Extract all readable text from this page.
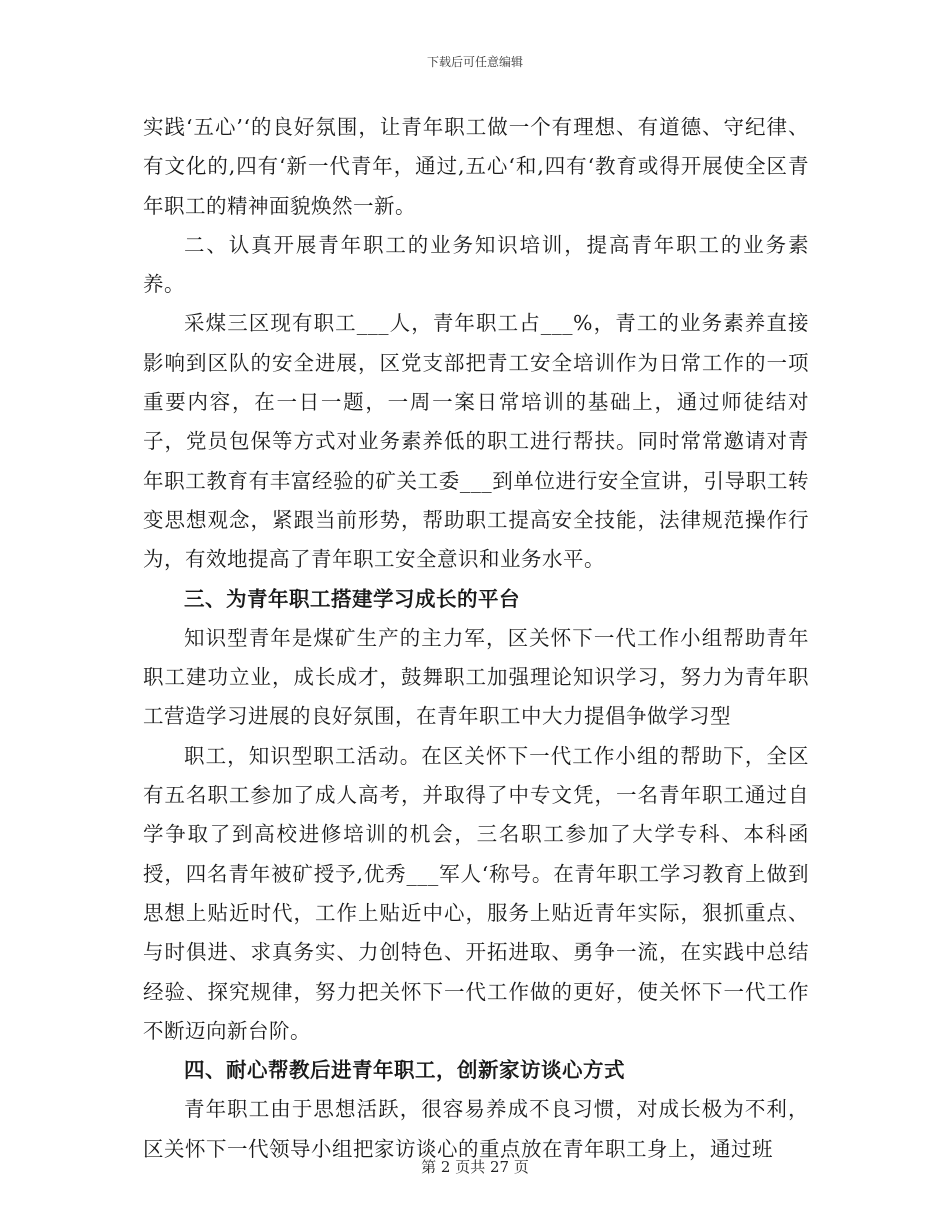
下载后可任意编辑

实践‘五心’‘的良好氛围，让青年职工做一个有理想、有道德、守纪律、有文化的,四有‘新一代青年，通过,五心‘和,四有‘教育或得开展使全区青年职工的精神面貌焕然一新。

二、认真开展青年职工的业务知识培训，提高青年职工的业务素养。

采煤三区现有职工___人，青年职工占___%，青工的业务素养直接影响到区队的安全进展，区党支部把青工安全培训作为日常工作的一项重要内容，在一日一题，一周一案日常培训的基础上，通过师徒结对子，党员包保等方式对业务素养低的职工进行帮扶。同时常常邀请对青年职工教育有丰富经验的矿关工委___到单位进行安全宣讲，引导职工转变思想观念，紧跟当前形势，帮助职工提高安全技能，法律规范操作行为，有效地提高了青年职工安全意识和业务水平。

三、为青年职工搭建学习成长的平台

知识型青年是煤矿生产的主力军，区关怀下一代工作小组帮助青年职工建功立业，成长成才，鼓舞职工加强理论知识学习，努力为青年职工营造学习进展的良好氛围，在青年职工中大力提倡争做学习型

职工，知识型职工活动。在区关怀下一代工作小组的帮助下，全区有五名职工参加了成人高考，并取得了中专文凭，一名青年职工通过自学争取了到高校进修培训的机会，三名职工参加了大学专科、本科函授，四名青年被矿授予,优秀___军人‘称号。在青年职工学习教育上做到思想上贴近时代，工作上贴近中心，服务上贴近青年实际，狠抓重点、与时俱进、求真务实、力创特色、开拓进取、勇争一流，在实践中总结经验、探究规律，努力把关怀下一代工作做的更好，使关怀下一代工作不断迈向新台阶。

四、耐心帮教后进青年职工，创新家访谈心方式

青年职工由于思想活跃，很容易养成不良习惯，对成长极为不利，区关怀下一代领导小组把家访谈心的重点放在青年职工身上，通过班

第 2 页共 27 页
